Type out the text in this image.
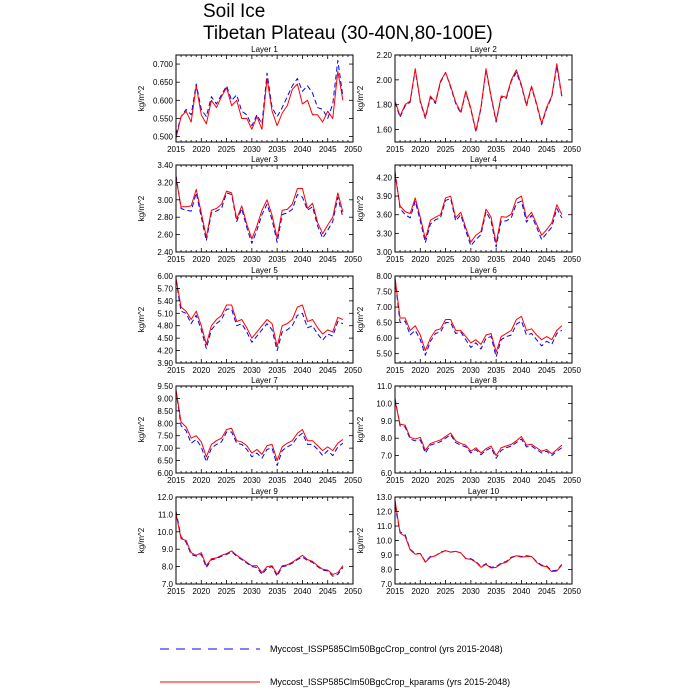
Soil Ice
Tibetan Plateau (30-40N,80-100E)
Layer 1
2015 2020 2025 2030 2035 2040 2045 2050
0.500
0.550
0.600
0.650
0.700
kg/m^2
Layer 2
2015 2020 2025 2030 2035 2040 2045 2050
1.60
1.80
2.00
2.20
kg/m^2
Layer 3
2015 2020 2025 2030 2035 2040 2045 2050
2.40
2.60
2.80
3.00
3.20
3.40
kg/m^2
Layer 4
2015 2020 2025 2030 2035 2040 2045 2050
3.00
3.30
3.60
3.90
4.20
kg/m^2
Layer 5
2015 2020 2025 2030 2035 2040 2045 2050
3.90
4.20
4.50
4.80
5.10
5.40
5.70
6.00
kg/m^2
Layer 6
2015 2020 2025 2030 2035 2040 2045 2050
5.50
6.00
6.50
7.00
7.50
8.00
kg/m^2
Layer 7
2015 2020 2025 2030 2035 2040 2045 2050
6.00
6.50
7.00
7.50
8.00
8.50
9.00
9.50
kg/m^2
Layer 8
2015 2020 2025 2030 2035 2040 2045 2050
6.0
7.0
8.0
9.0
10.0
11.0
kg/m^2
Layer 9
2015 2020 2025 2030 2035 2040 2045 2050
7.0
8.0
9.0
10.0
11.0
12.0
kg/m^2
Layer 10
2015 2020 2025 2030 2035 2040 2045 2050
7.0
8.0
9.0
10.0
11.0
12.0
13.0
kg/m^2
Myccost_ISSP585Clm50BgcCrop_control (yrs 2015-2048)
Myccost_ISSP585Clm50BgcCrop_kparams (yrs 2015-2048)
